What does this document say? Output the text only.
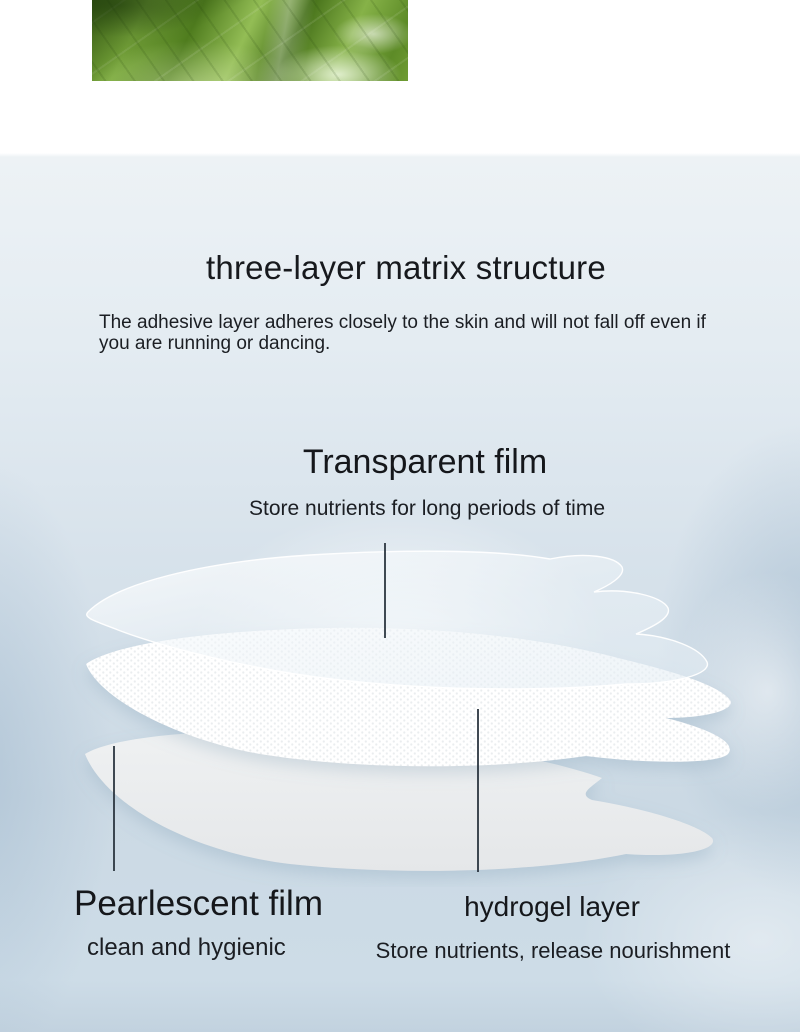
three-layer matrix structure

The adhesive layer adheres closely to the skin and will not fall off even if
you are running or dancing.

Transparent film

Store nutrients for long periods of time

Pearlescent film

clean and hygienic

hydrogel layer

Store nutrients, release nourishment
